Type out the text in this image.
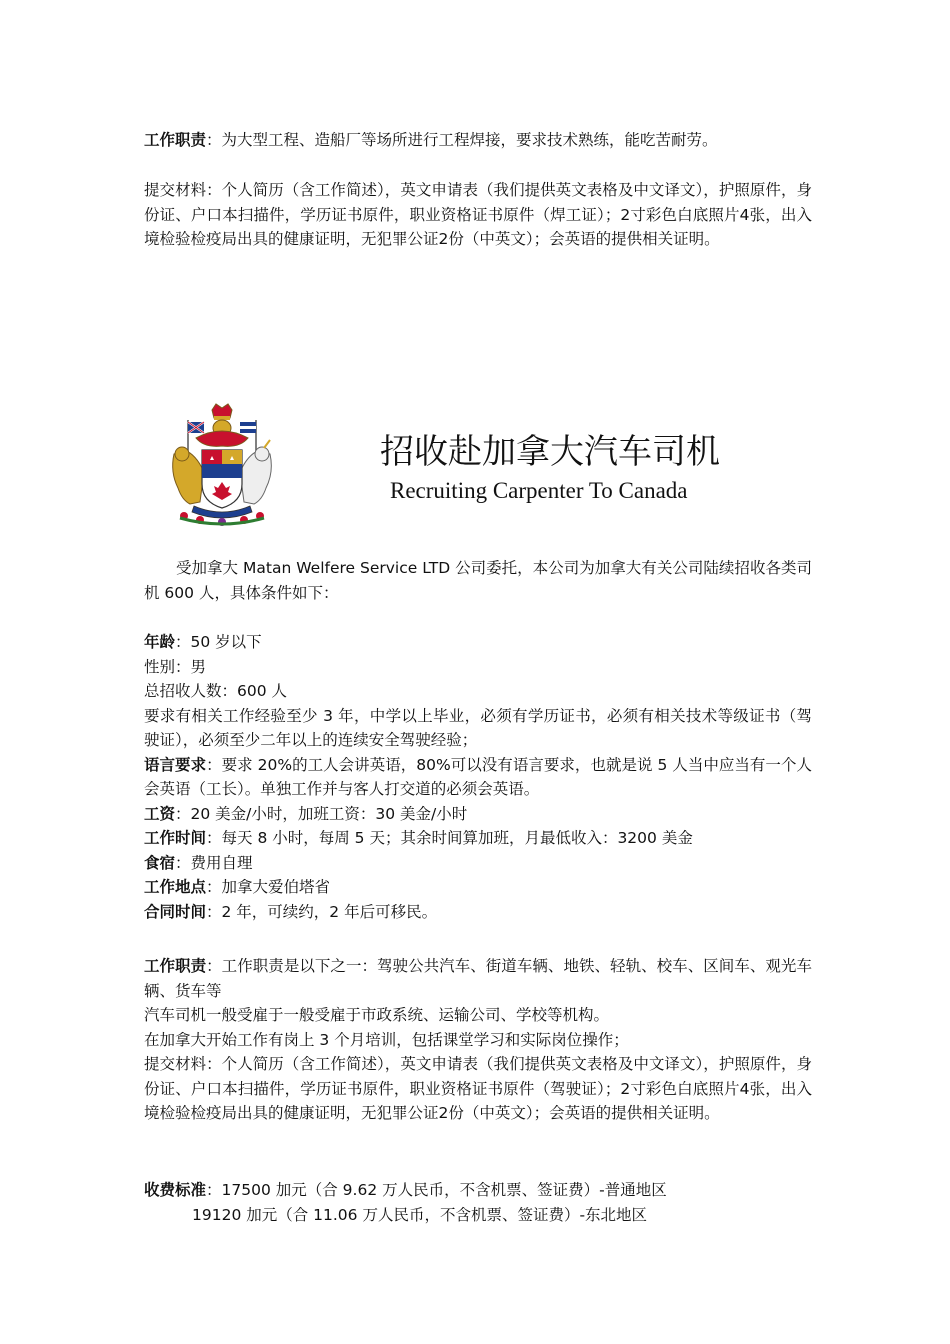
工作职责：为大型工程、造船厂等场所进行工程焊接，要求技术熟练，能吃苦耐劳。
提交材料：个人简历（含工作简述），英文申请表（我们提供英文表格及中文译文），护照原件，身份证、户口本扫描件，学历证书原件，职业资格证书原件（焊工证）；2寸彩色白底照片4张，出入境检验检疫局出具的健康证明，无犯罪公证2份（中英文）；会英语的提供相关证明。
招收赴加拿大汽车司机
Recruiting Carpenter To Canada
受加拿大 Matan Welfere Service LTD 公司委托，本公司为加拿大有关公司陆续招收各类司机 600 人，具体条件如下：
年龄：50 岁以下
性别：男
总招收人数：600 人
要求有相关工作经验至少 3 年，中学以上毕业，必须有学历证书，必须有相关技术等级证书（驾驶证），必须至少二年以上的连续安全驾驶经验；
语言要求：要求 20%的工人会讲英语，80%可以没有语言要求，也就是说 5 人当中应当有一个人会英语（工长）。单独工作并与客人打交道的必须会英语。
工资：20 美金/小时，加班工资：30 美金/小时
工作时间：每天 8 小时，每周 5 天；其余时间算加班，月最低收入：3200 美金
食宿：费用自理
工作地点：加拿大爱伯塔省
合同时间：2 年，可续约，2 年后可移民。
工作职责：工作职责是以下之一：驾驶公共汽车、街道车辆、地铁、轻轨、校车、区间车、观光车辆、货车等
汽车司机一般受雇于一般受雇于市政系统、运输公司、学校等机构。
在加拿大开始工作有岗上 3 个月培训，包括课堂学习和实际岗位操作；
提交材料：个人简历（含工作简述），英文申请表（我们提供英文表格及中文译文），护照原件，身份证、户口本扫描件，学历证书原件，职业资格证书原件（驾驶证）；2寸彩色白底照片4张，出入境检验检疫局出具的健康证明，无犯罪公证2份（中英文）；会英语的提供相关证明。
收费标准：17500 加元（合 9.62 万人民币，不含机票、签证费）-普通地区
19120 加元（合 11.06 万人民币，不含机票、签证费）-东北地区
